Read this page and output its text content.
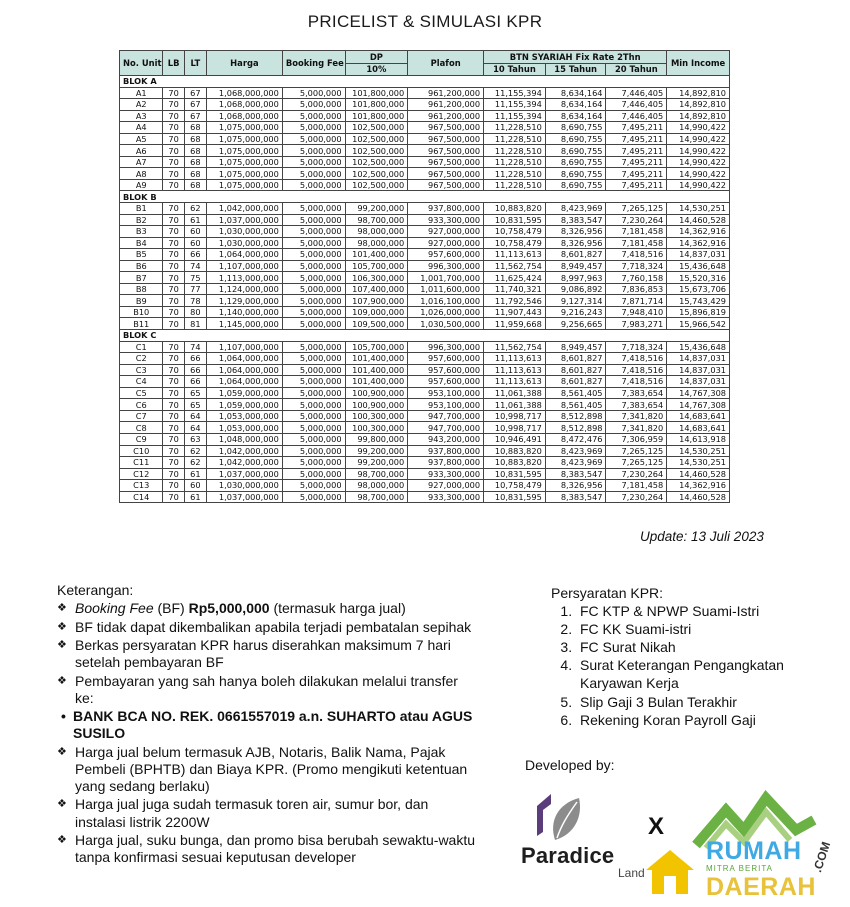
PRICELIST & SIMULASI KPR
No. Unit	LB	LT	Harga	Booking Fee	DP	Plafon	BTN SYARIAH Fix Rate 2Thn			Min Income
					10%		10 Tahun	15 Tahun	20 Tahun	
BLOK A										
A1	70	67	1,068,000,000	5,000,000	101,800,000	961,200,000	11,155,394	8,634,164	7,446,405	14,892,810
A2	70	67	1,068,000,000	5,000,000	101,800,000	961,200,000	11,155,394	8,634,164	7,446,405	14,892,810
A3	70	67	1,068,000,000	5,000,000	101,800,000	961,200,000	11,155,394	8,634,164	7,446,405	14,892,810
A4	70	68	1,075,000,000	5,000,000	102,500,000	967,500,000	11,228,510	8,690,755	7,495,211	14,990,422
A5	70	68	1,075,000,000	5,000,000	102,500,000	967,500,000	11,228,510	8,690,755	7,495,211	14,990,422
A6	70	68	1,075,000,000	5,000,000	102,500,000	967,500,000	11,228,510	8,690,755	7,495,211	14,990,422
A7	70	68	1,075,000,000	5,000,000	102,500,000	967,500,000	11,228,510	8,690,755	7,495,211	14,990,422
A8	70	68	1,075,000,000	5,000,000	102,500,000	967,500,000	11,228,510	8,690,755	7,495,211	14,990,422
A9	70	68	1,075,000,000	5,000,000	102,500,000	967,500,000	11,228,510	8,690,755	7,495,211	14,990,422
BLOK B										
B1	70	62	1,042,000,000	5,000,000	99,200,000	937,800,000	10,883,820	8,423,969	7,265,125	14,530,251
B2	70	61	1,037,000,000	5,000,000	98,700,000	933,300,000	10,831,595	8,383,547	7,230,264	14,460,528
B3	70	60	1,030,000,000	5,000,000	98,000,000	927,000,000	10,758,479	8,326,956	7,181,458	14,362,916
B4	70	60	1,030,000,000	5,000,000	98,000,000	927,000,000	10,758,479	8,326,956	7,181,458	14,362,916
B5	70	66	1,064,000,000	5,000,000	101,400,000	957,600,000	11,113,613	8,601,827	7,418,516	14,837,031
B6	70	74	1,107,000,000	5,000,000	105,700,000	996,300,000	11,562,754	8,949,457	7,718,324	15,436,648
B7	70	75	1,113,000,000	5,000,000	106,300,000	1,001,700,000	11,625,424	8,997,963	7,760,158	15,520,316
B8	70	77	1,124,000,000	5,000,000	107,400,000	1,011,600,000	11,740,321	9,086,892	7,836,853	15,673,706
B9	70	78	1,129,000,000	5,000,000	107,900,000	1,016,100,000	11,792,546	9,127,314	7,871,714	15,743,429
B10	70	80	1,140,000,000	5,000,000	109,000,000	1,026,000,000	11,907,443	9,216,243	7,948,410	15,896,819
B11	70	81	1,145,000,000	5,000,000	109,500,000	1,030,500,000	11,959,668	9,256,665	7,983,271	15,966,542
BLOK C										
C1	70	74	1,107,000,000	5,000,000	105,700,000	996,300,000	11,562,754	8,949,457	7,718,324	15,436,648
C2	70	66	1,064,000,000	5,000,000	101,400,000	957,600,000	11,113,613	8,601,827	7,418,516	14,837,031
C3	70	66	1,064,000,000	5,000,000	101,400,000	957,600,000	11,113,613	8,601,827	7,418,516	14,837,031
C4	70	66	1,064,000,000	5,000,000	101,400,000	957,600,000	11,113,613	8,601,827	7,418,516	14,837,031
C5	70	65	1,059,000,000	5,000,000	100,900,000	953,100,000	11,061,388	8,561,405	7,383,654	14,767,308
C6	70	65	1,059,000,000	5,000,000	100,900,000	953,100,000	11,061,388	8,561,405	7,383,654	14,767,308
C7	70	64	1,053,000,000	5,000,000	100,300,000	947,700,000	10,998,717	8,512,898	7,341,820	14,683,641
C8	70	64	1,053,000,000	5,000,000	100,300,000	947,700,000	10,998,717	8,512,898	7,341,820	14,683,641
C9	70	63	1,048,000,000	5,000,000	99,800,000	943,200,000	10,946,491	8,472,476	7,306,959	14,613,918
C10	70	62	1,042,000,000	5,000,000	99,200,000	937,800,000	10,883,820	8,423,969	7,265,125	14,530,251
C11	70	62	1,042,000,000	5,000,000	99,200,000	937,800,000	10,883,820	8,423,969	7,265,125	14,530,251
C12	70	61	1,037,000,000	5,000,000	98,700,000	933,300,000	10,831,595	8,383,547	7,230,264	14,460,528
C13	70	60	1,030,000,000	5,000,000	98,000,000	927,000,000	10,758,479	8,326,956	7,181,458	14,362,916
C14	70	61	1,037,000,000	5,000,000	98,700,000	933,300,000	10,831,595	8,383,547	7,230,264	14,460,528
Update: 13 Juli 2023
Keterangan:
❖ Booking Fee (BF) Rp5,000,000 (termasuk harga jual)
❖ BF tidak dapat dikembalikan apabila terjadi pembatalan sepihak
❖ Berkas persyaratan KPR harus diserahkan maksimum 7 hari setelah pembayaran BF
❖ Pembayaran yang sah hanya boleh dilakukan melalui transfer ke:
• BANK BCA NO. REK. 0661557019 a.n. SUHARTO atau AGUS SUSILO
❖ Harga jual belum termasuk AJB, Notaris, Balik Nama, Pajak Pembeli (BPHTB) dan Biaya KPR. (Promo mengikuti ketentuan yang sedang berlaku)
❖ Harga jual juga sudah termasuk toren air, sumur bor, dan instalasi listrik 2200W
❖ Harga jual, suku bunga, dan promo bisa berubah sewaktu-waktu tanpa konfirmasi sesuai keputusan developer
Persyaratan KPR:
1. FC KTP & NPWP Suami-Istri
2. FC KK Suami-istri
3. FC Surat Nikah
4. Surat Keterangan Pengangkatan Karyawan Kerja
5. Slip Gaji 3 Bulan Terakhir
6. Rekening Koran Payroll Gaji
Developed by:
Paradice
Land
X
RUMAH
MITRA BERITA
DAERAH
.COM
